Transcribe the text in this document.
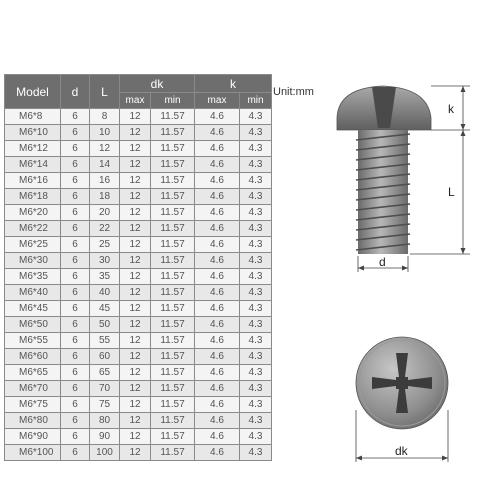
Model	d	L	dk		k		Unit:mm
			max	min	max	min	
M6*8	6	8	12	11.57	4.6	4.3	
M6*10	6	10	12	11.57	4.6	4.3	
M6*12	6	12	12	11.57	4.6	4.3	
M6*14	6	14	12	11.57	4.6	4.3	
M6*16	6	16	12	11.57	4.6	4.3	
M6*18	6	18	12	11.57	4.6	4.3	
M6*20	6	20	12	11.57	4.6	4.3	
M6*22	6	22	12	11.57	4.6	4.3	
M6*25	6	25	12	11.57	4.6	4.3	
M6*30	6	30	12	11.57	4.6	4.3	
M6*35	6	35	12	11.57	4.6	4.3	
M6*40	6	40	12	11.57	4.6	4.3	
M6*45	6	45	12	11.57	4.6	4.3	
M6*50	6	50	12	11.57	4.6	4.3	
M6*55	6	55	12	11.57	4.6	4.3	
M6*60	6	60	12	11.57	4.6	4.3	
M6*65	6	65	12	11.57	4.6	4.3	
M6*70	6	70	12	11.57	4.6	4.3	
M6*75	6	75	12	11.57	4.6	4.3	
M6*80	6	80	12	11.57	4.6	4.3	
M6*90	6	90	12	11.57	4.6	4.3	
M6*100	6	100	12	11.57	4.6	4.3	
k
L
d
dk
